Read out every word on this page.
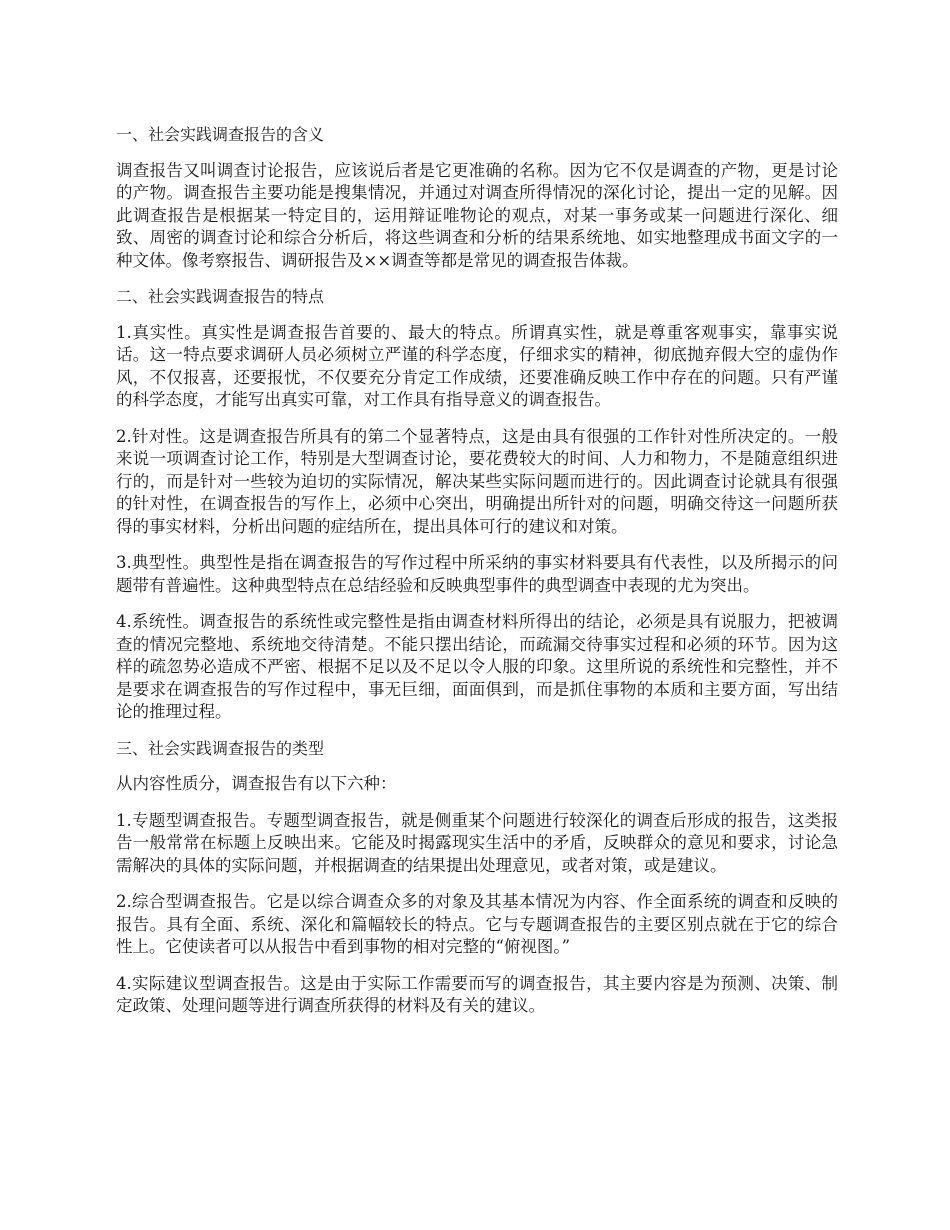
一、社会实践调查报告的含义

调查报告又叫调查讨论报告，应该说后者是它更准确的名称。因为它不仅是调查的产物，更是讨论的产物。调查报告主要功能是搜集情况，并通过对调查所得情况的深化讨论，提出一定的见解。因此调查报告是根据某一特定目的，运用辩证唯物论的观点，对某一事务或某一问题进行深化、细致、周密的调查讨论和综合分析后，将这些调查和分析的结果系统地、如实地整理成书面文字的一种文体。像考察报告、调研报告及××调查等都是常见的调查报告体裁。

二、社会实践调查报告的特点

1.真实性。真实性是调查报告首要的、最大的特点。所谓真实性，就是尊重客观事实，靠事实说话。这一特点要求调研人员必须树立严谨的科学态度，仔细求实的精神，彻底抛弃假大空的虚伪作风，不仅报喜，还要报忧，不仅要充分肯定工作成绩，还要准确反映工作中存在的问题。只有严谨的科学态度，才能写出真实可靠，对工作具有指导意义的调查报告。

2.针对性。这是调查报告所具有的第二个显著特点，这是由具有很强的工作针对性所决定的。一般来说一项调查讨论工作，特别是大型调查讨论，要花费较大的时间、人力和物力，不是随意组织进行的，而是针对一些较为迫切的实际情况，解决某些实际问题而进行的。因此调查讨论就具有很强的针对性，在调查报告的写作上，必须中心突出，明确提出所针对的问题，明确交待这一问题所获得的事实材料，分析出问题的症结所在，提出具体可行的建议和对策。

3.典型性。典型性是指在调查报告的写作过程中所采纳的事实材料要具有代表性，以及所揭示的问题带有普遍性。这种典型特点在总结经验和反映典型事件的典型调查中表现的尤为突出。

4.系统性。调查报告的系统性或完整性是指由调查材料所得出的结论，必须是具有说服力，把被调查的情况完整地、系统地交待清楚。不能只摆出结论，而疏漏交待事实过程和必须的环节。因为这样的疏忽势必造成不严密、根据不足以及不足以令人服的印象。这里所说的系统性和完整性，并不是要求在调查报告的写作过程中，事无巨细，面面俱到，而是抓住事物的本质和主要方面，写出结论的推理过程。

三、社会实践调查报告的类型

从内容性质分，调查报告有以下六种：

1.专题型调查报告。专题型调查报告，就是侧重某个问题进行较深化的调查后形成的报告，这类报告一般常常在标题上反映出来。它能及时揭露现实生活中的矛盾，反映群众的意见和要求，讨论急需解决的具体的实际问题，并根据调查的结果提出处理意见，或者对策，或是建议。

2.综合型调查报告。它是以综合调查众多的对象及其基本情况为内容、作全面系统的调查和反映的报告。具有全面、系统、深化和篇幅较长的特点。它与专题调查报告的主要区别点就在于它的综合性上。它使读者可以从报告中看到事物的相对完整的“俯视图。”

4.实际建议型调查报告。这是由于实际工作需要而写的调查报告，其主要内容是为预测、决策、制定政策、处理问题等进行调查所获得的材料及有关的建议。
